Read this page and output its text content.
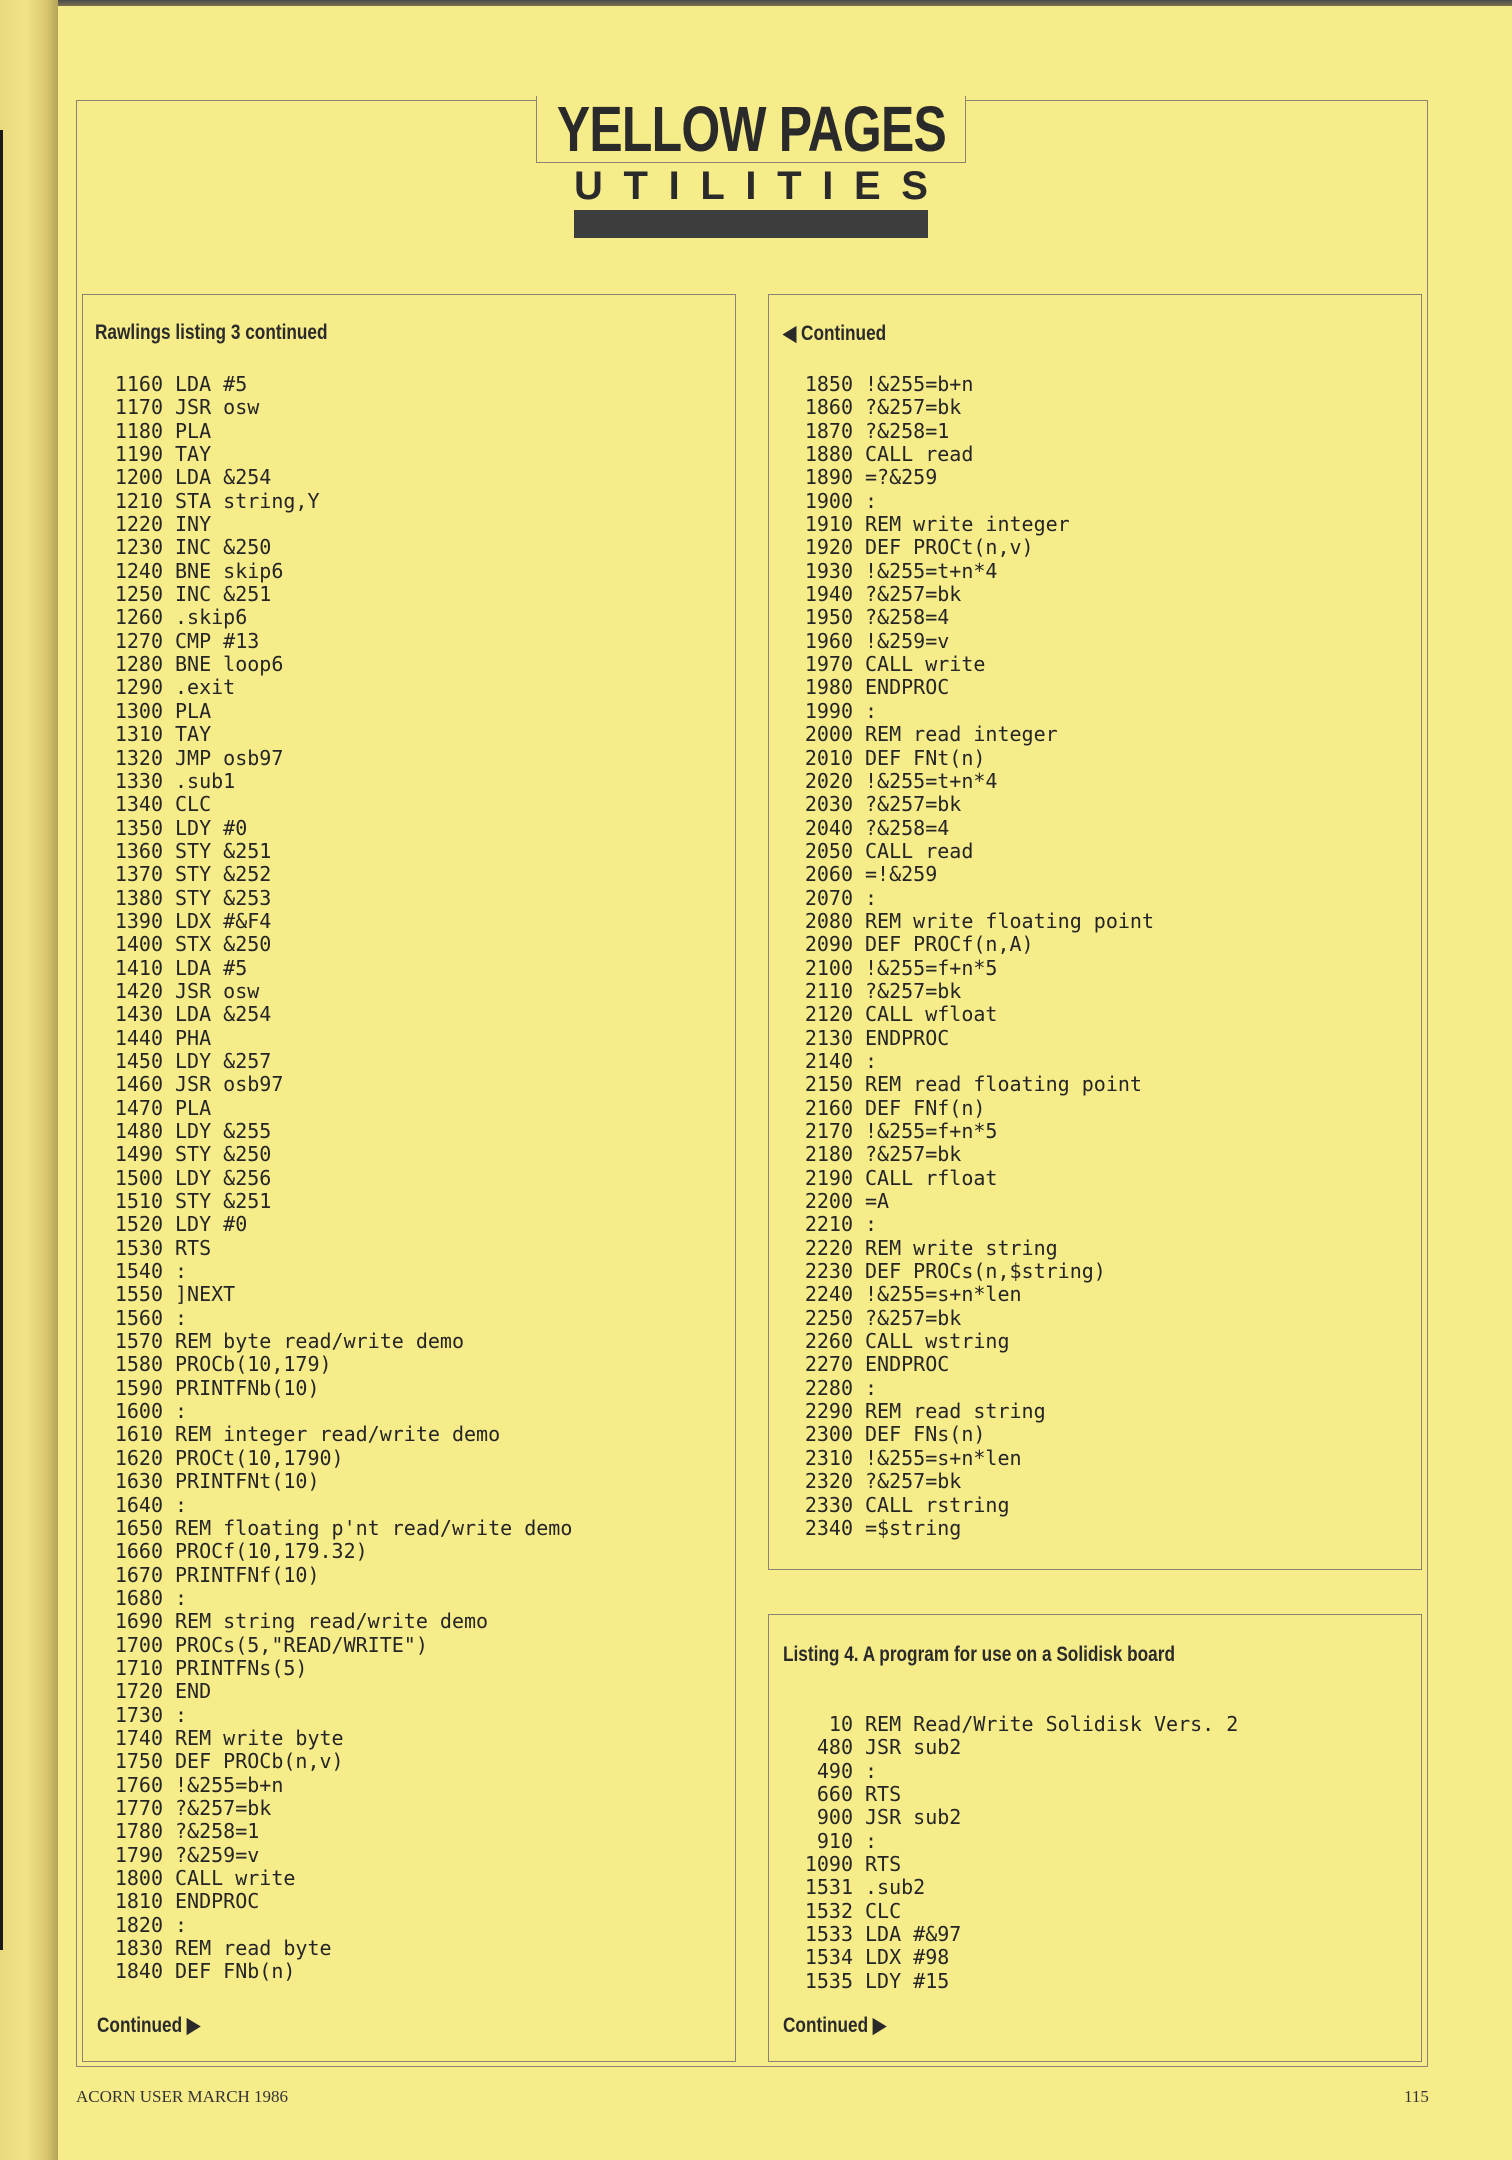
YELLOW PAGES
U T I L I T I E S
Rawlings listing 3 continued
1160 LDA #5
1170 JSR osw
1180 PLA
1190 TAY
1200 LDA &254
1210 STA string,Y
1220 INY
1230 INC &250
1240 BNE skip6
1250 INC &251
1260 .skip6
1270 CMP #13
1280 BNE loop6
1290 .exit
1300 PLA
1310 TAY
1320 JMP osb97
1330 .sub1
1340 CLC
1350 LDY #0
1360 STY &251
1370 STY &252
1380 STY &253
1390 LDX #&F4
1400 STX &250
1410 LDA #5
1420 JSR osw
1430 LDA &254
1440 PHA
1450 LDY &257
1460 JSR osb97
1470 PLA
1480 LDY &255
1490 STY &250
1500 LDY &256
1510 STY &251
1520 LDY #0
1530 RTS
1540 :
1550 ]NEXT
1560 :
1570 REM byte read/write demo
1580 PROCb(10,179)
1590 PRINTFNb(10)
1600 :
1610 REM integer read/write demo
1620 PROCt(10,1790)
1630 PRINTFNt(10)
1640 :
1650 REM floating p'nt read/write demo
1660 PROCf(10,179.32)
1670 PRINTFNf(10)
1680 :
1690 REM string read/write demo
1700 PROCs(5,"READ/WRITE")
1710 PRINTFNs(5)
1720 END
1730 :
1740 REM write byte
1750 DEF PROCb(n,v)
1760 !&255=b+n
1770 ?&257=bk
1780 ?&258=1
1790 ?&259=v
1800 CALL write
1810 ENDPROC
1820 :
1830 REM read byte
1840 DEF FNb(n)
Continued ▶
◀ Continued
1850 !&255=b+n
1860 ?&257=bk
1870 ?&258=1
1880 CALL read
1890 =?&259
1900 :
1910 REM write integer
1920 DEF PROCt(n,v)
1930 !&255=t+n*4
1940 ?&257=bk
1950 ?&258=4
1960 !&259=v
1970 CALL write
1980 ENDPROC
1990 :
2000 REM read integer
2010 DEF FNt(n)
2020 !&255=t+n*4
2030 ?&257=bk
2040 ?&258=4
2050 CALL read
2060 =!&259
2070 :
2080 REM write floating point
2090 DEF PROCf(n,A)
2100 !&255=f+n*5
2110 ?&257=bk
2120 CALL wfloat
2130 ENDPROC
2140 :
2150 REM read floating point
2160 DEF FNf(n)
2170 !&255=f+n*5
2180 ?&257=bk
2190 CALL rfloat
2200 =A
2210 :
2220 REM write string
2230 DEF PROCs(n,$string)
2240 !&255=s+n*len
2250 ?&257=bk
2260 CALL wstring
2270 ENDPROC
2280 :
2290 REM read string
2300 DEF FNs(n)
2310 !&255=s+n*len
2320 ?&257=bk
2330 CALL rstring
2340 =$string
Listing 4. A program for use on a Solidisk board
10 REM Read/Write Solidisk Vers. 2
480 JSR sub2
490 :
660 RTS
900 JSR sub2
910 :
1090 RTS
1531 .sub2
1532 CLC
1533 LDA #&97
1534 LDX #98
1535 LDY #15
Continued ▶
ACORN USER MARCH 1986	115
